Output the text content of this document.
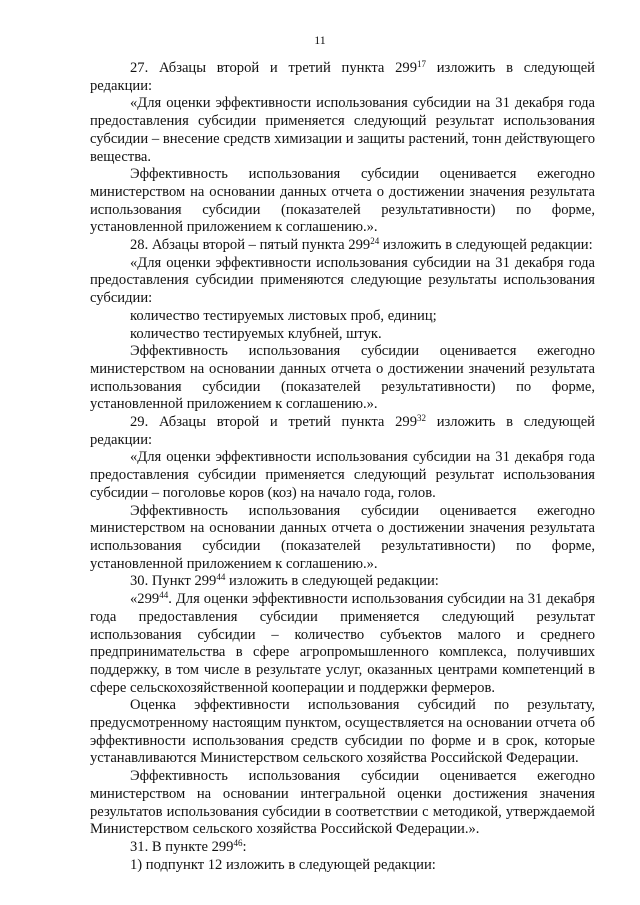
11

27. Абзацы второй и третий пункта $299^{17}$ изложить в следующей редакции:

«Для оценки эффективности использования субсидии на 31 декабря года предоставления субсидии применяется следующий результат использования субсидии – внесение средств химизации и защиты растений, тонн действующего вещества.

Эффективность использования субсидии оценивается ежегодно министерством на основании данных отчета о достижении значения результата использования субсидии (показателей результативности) по форме, установленной приложением к соглашению.».

28. Абзацы второй – пятый пункта $299^{24}$ изложить в следующей редакции:

«Для оценки эффективности использования субсидии на 31 декабря года предоставления субсидии применяются следующие результаты использования субсидии:

количество тестируемых листовых проб, единиц;

количество тестируемых клубней, штук.

Эффективность использования субсидии оценивается ежегодно министерством на основании данных отчета о достижении значений результата использования субсидии (показателей результативности) по форме, установленной приложением к соглашению.».

29. Абзацы второй и третий пункта $299^{32}$ изложить в следующей редакции:

«Для оценки эффективности использования субсидии на 31 декабря года предоставления субсидии применяется следующий результат использования субсидии – поголовье коров (коз) на начало года, голов.

Эффективность использования субсидии оценивается ежегодно министерством на основании данных отчета о достижении значения результата использования субсидии (показателей результативности) по форме, установленной приложением к соглашению.».

30. Пункт $299^{44}$ изложить в следующей редакции:

«$299^{44}$. Для оценки эффективности использования субсидии на 31 декабря года предоставления субсидии применяется следующий результат использования субсидии – количество субъектов малого и среднего предпринимательства в сфере агропромышленного комплекса, получивших поддержку, в том числе в результате услуг, оказанных центрами компетенций в сфере сельскохозяйственной кооперации и поддержки фермеров.

Оценка эффективности использования субсидий по результату, предусмотренному настоящим пунктом, осуществляется на основании отчета об эффективности использования средств субсидии по форме и в срок, которые устанавливаются Министерством сельского хозяйства Российской Федерации.

Эффективность использования субсидии оценивается ежегодно министерством на основании интегральной оценки достижения значения результатов использования субсидии в соответствии с методикой, утверждаемой Министерством сельского хозяйства Российской Федерации.».

31. В пункте $299^{46}$:

1) подпункт 12 изложить в следующей редакции:
